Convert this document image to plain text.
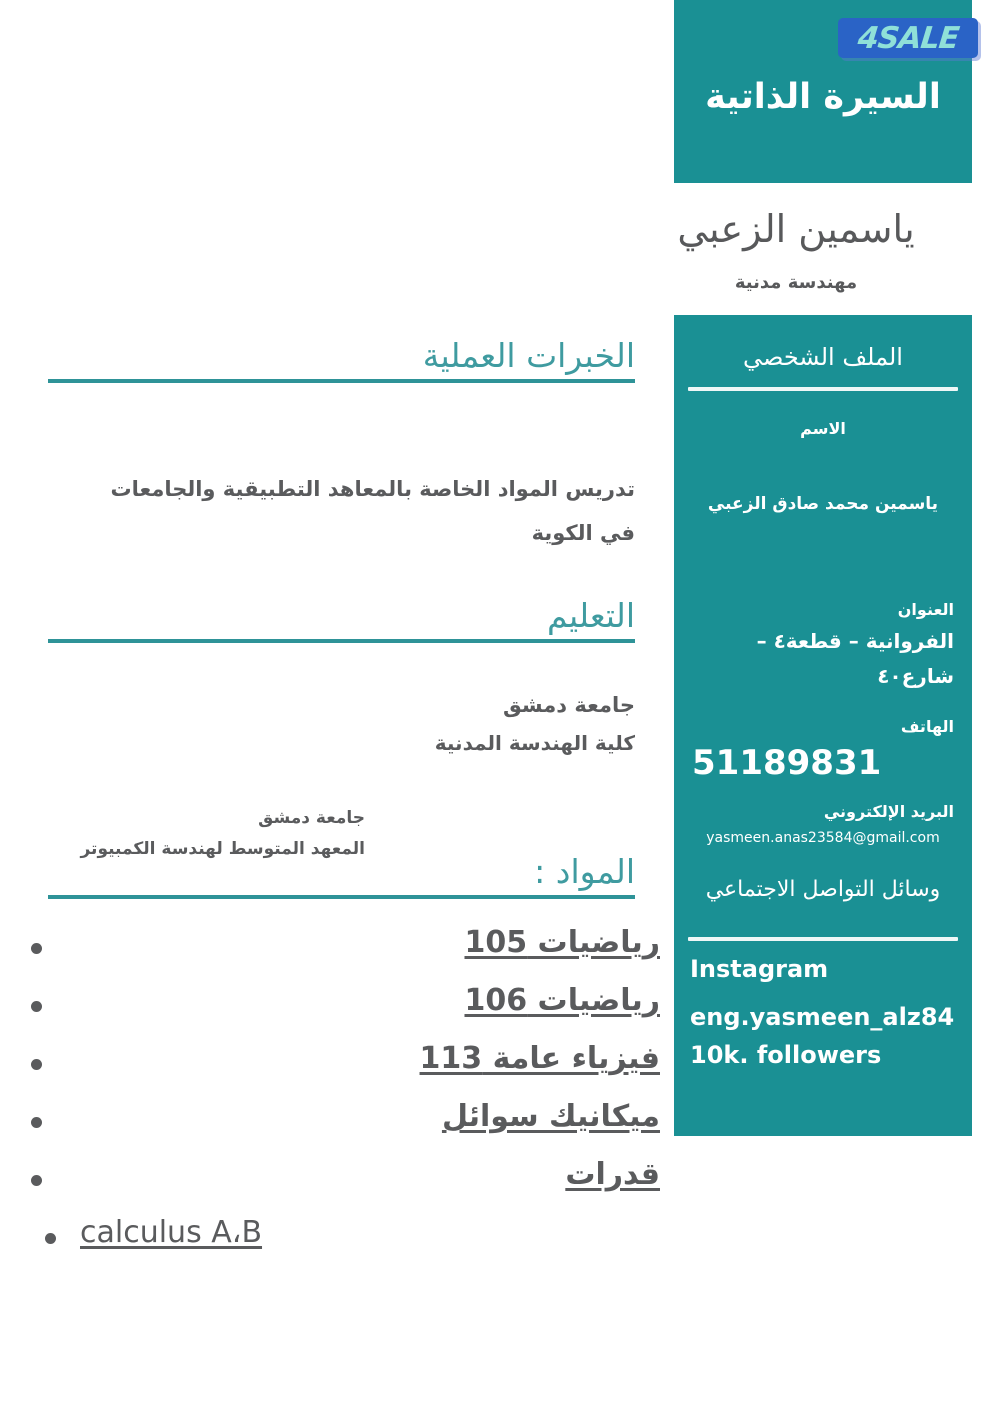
السيرة الذاتية
4SALE
ياسمين الزعبي
مهندسة مدنية
الملف الشخصي
الاسم
ياسمين محمد صادق الزعبي
العنوان
الفروانية – قطعة٤ –
شارع٤٠
الهاتف
51189831
البريد الإلكتروني
yasmeen.anas23584@gmail.com
وسائل التواصل الاجتماعي
Instagram
eng.yasmeen_alz84
10k. followers
الخبرات العملية
تدريس المواد الخاصة بالمعاهد التطبيقية والجامعات
في الكوية
التعليم
جامعة دمشق
كلية الهندسة المدنية
جامعة دمشق
المعهد المتوسط لهندسة الكمبيوتر
المواد :
رياضيات 105
رياضيات 106
فيزياء عامة 113
ميكانيك سوائل
قدرات
calculus A،B
